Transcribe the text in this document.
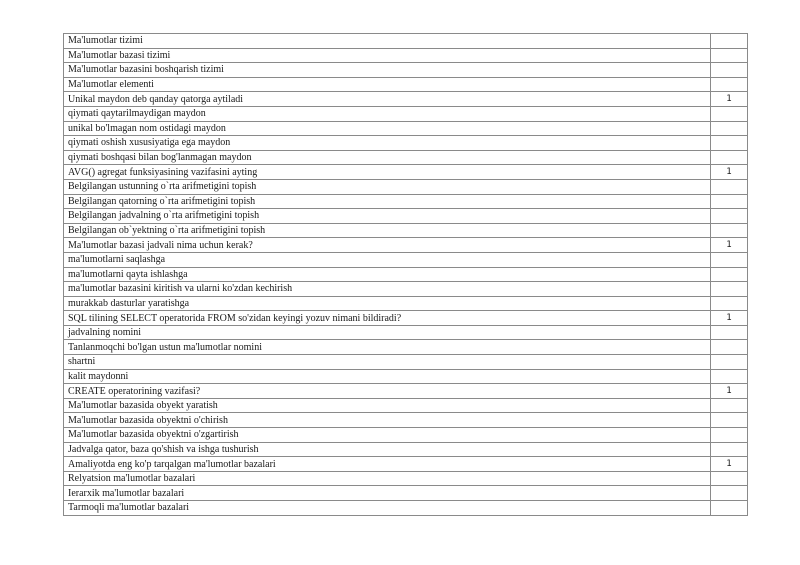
Ma'lumotlar tizimi	
Ma'lumotlar bazasi tizimi	
Ma'lumotlar bazasini boshqarish tizimi	
Ma'lumotlar elementi	
Unikal maydon deb qanday qatorga aytiladi	1
qiymati qaytarilmaydigan maydon	
unikal bo'lmagan nom ostidagi maydon	
qiymati oshish xususiyatiga ega maydon	
qiymati boshqasi bilan bog'lanmagan maydon	
AVG() agregat funksiyasining vazifasini ayting	1
Belgilangan ustunning o`rta arifmetigini topish	
Belgilangan qatorning o`rta arifmetigini topish	
Belgilangan jadvalning o`rta arifmetigini topish	
Belgilangan ob`yektning o`rta arifmetigini topish	
Ma'lumotlar bazasi jadvali nima uchun kerak?	1
ma'lumotlarni saqlashga	
ma'lumotlarni qayta ishlashga	
ma'lumotlar bazasini kiritish va ularni ko'zdan kechirish	
murakkab dasturlar yaratishga	
SQL tilining SELECT operatorida FROM so'zidan keyingi yozuv nimani bildiradi?	1
jadvalning nomini	
Tanlanmoqchi bo'lgan ustun ma'lumotlar nomini	
shartni	
kalit maydonni	
CREATE operatorining vazifasi?	1
Ma'lumotlar bazasida obyekt yaratish	
Ma'lumotlar bazasida obyektni o'chirish	
Ma'lumotlar bazasida obyektni o'zgartirish	
Jadvalga qator, baza qo'shish va ishga tushurish	
Amaliyotda eng ko'p tarqalgan ma'lumotlar bazalari	1
Relyatsion ma'lumotlar bazalari	
Ierarxik ma'lumotlar bazalari	
Tarmoqli ma'lumotlar bazalari	
